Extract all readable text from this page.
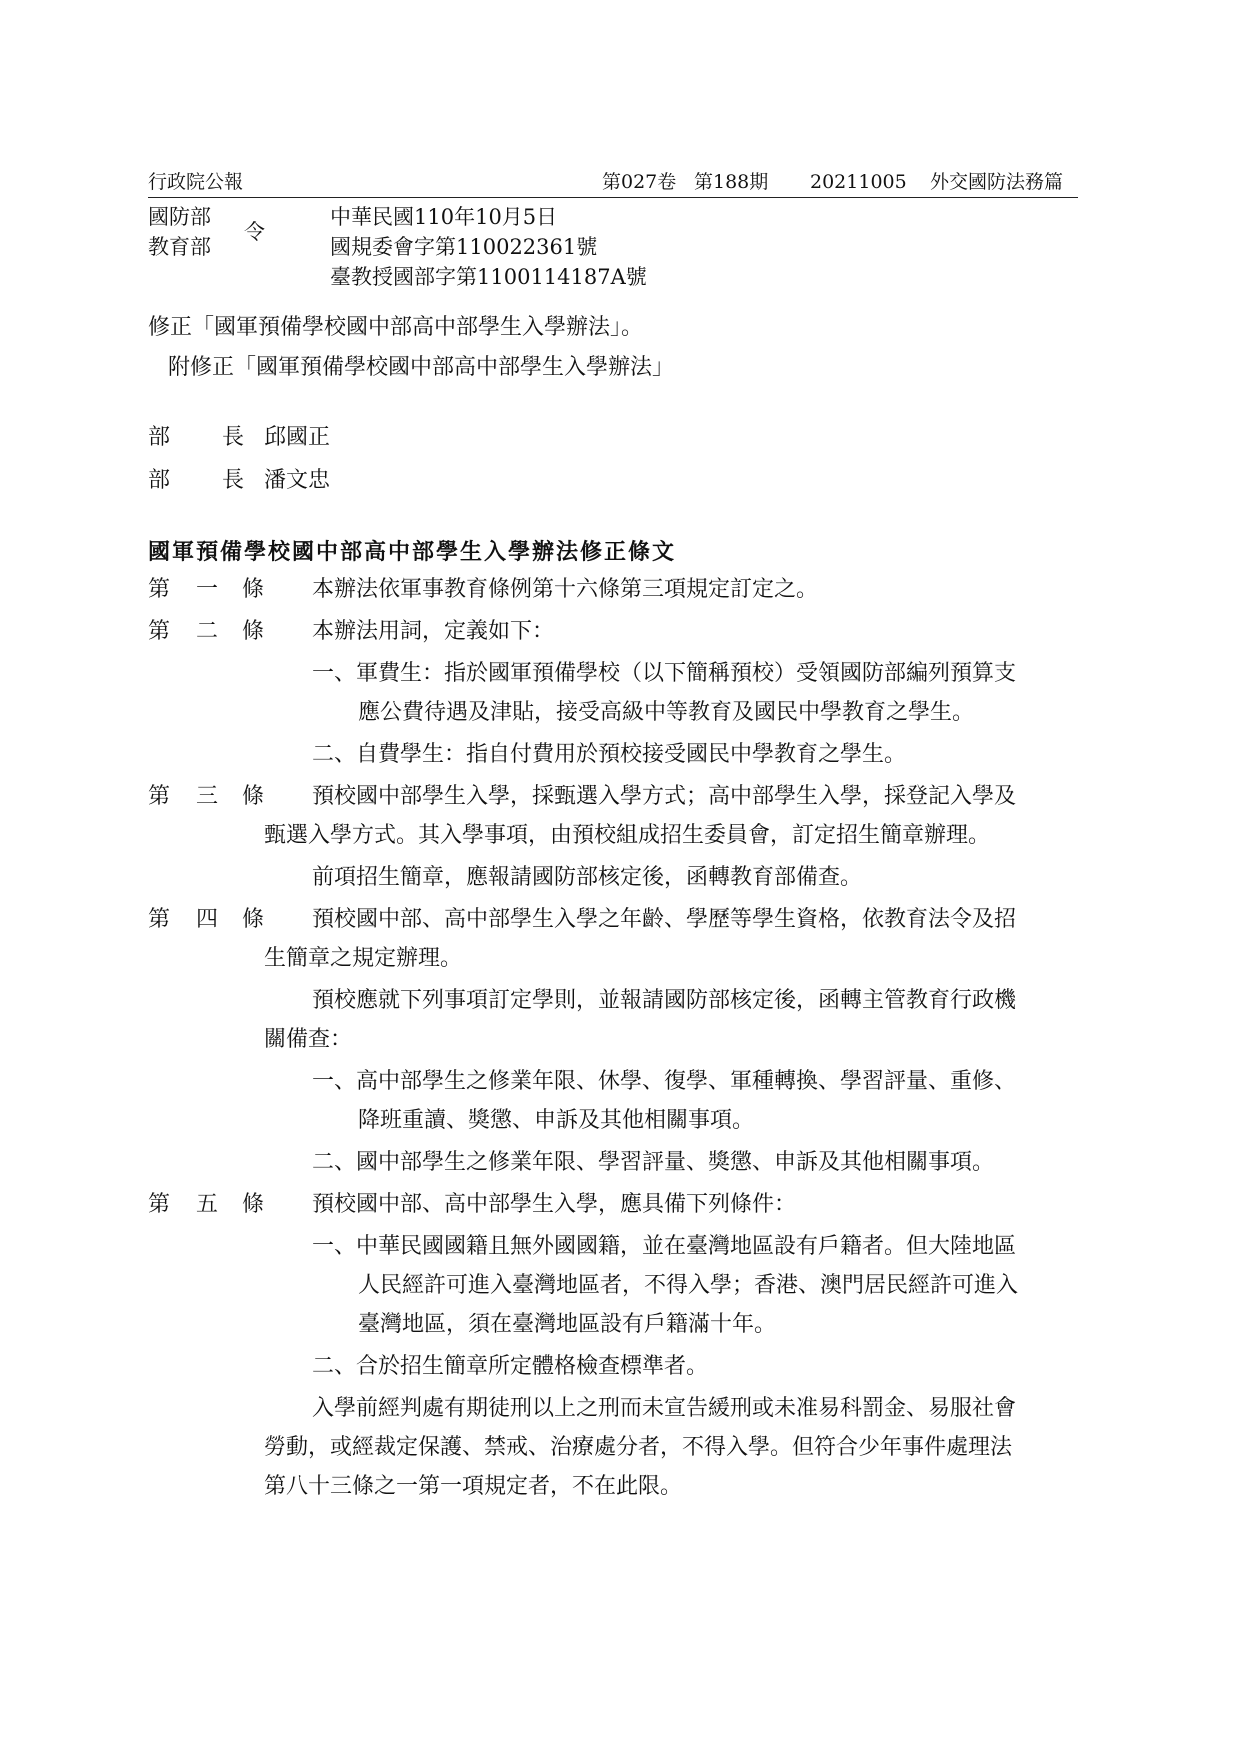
行政院公報	第027卷 第188期 20211005 外交國防法務篇
國防部
教育部
令
中華民國110年10月5日
國規委會字第110022361號
臺教授國部字第1100114187A號
修正「國軍預備學校國中部高中部學生入學辦法」。
附修正「國軍預備學校國中部高中部學生入學辦法」
部 長 邱國正
部 長 潘文忠
國軍預備學校國中部高中部學生入學辦法修正條文
第 一 條 本辦法依軍事教育條例第十六條第三項規定訂定之。
第 二 條 本辦法用詞，定義如下：
一、軍費生：指於國軍預備學校（以下簡稱預校）受領國防部編列預算支
應公費待遇及津貼，接受高級中等教育及國民中學教育之學生。
二、自費學生：指自付費用於預校接受國民中學教育之學生。
第 三 條 預校國中部學生入學，採甄選入學方式；高中部學生入學，採登記入學及
甄選入學方式。其入學事項，由預校組成招生委員會，訂定招生簡章辦理。
前項招生簡章，應報請國防部核定後，函轉教育部備查。
第 四 條 預校國中部、高中部學生入學之年齡、學歷等學生資格，依教育法令及招
生簡章之規定辦理。
預校應就下列事項訂定學則，並報請國防部核定後，函轉主管教育行政機
關備查：
一、高中部學生之修業年限、休學、復學、軍種轉換、學習評量、重修、
降班重讀、獎懲、申訴及其他相關事項。
二、國中部學生之修業年限、學習評量、獎懲、申訴及其他相關事項。
第 五 條 預校國中部、高中部學生入學，應具備下列條件：
一、中華民國國籍且無外國國籍，並在臺灣地區設有戶籍者。但大陸地區
人民經許可進入臺灣地區者，不得入學；香港、澳門居民經許可進入
臺灣地區，須在臺灣地區設有戶籍滿十年。
二、合於招生簡章所定體格檢查標準者。
入學前經判處有期徒刑以上之刑而未宣告緩刑或未准易科罰金、易服社會
勞動，或經裁定保護、禁戒、治療處分者，不得入學。但符合少年事件處理法
第八十三條之一第一項規定者，不在此限。
